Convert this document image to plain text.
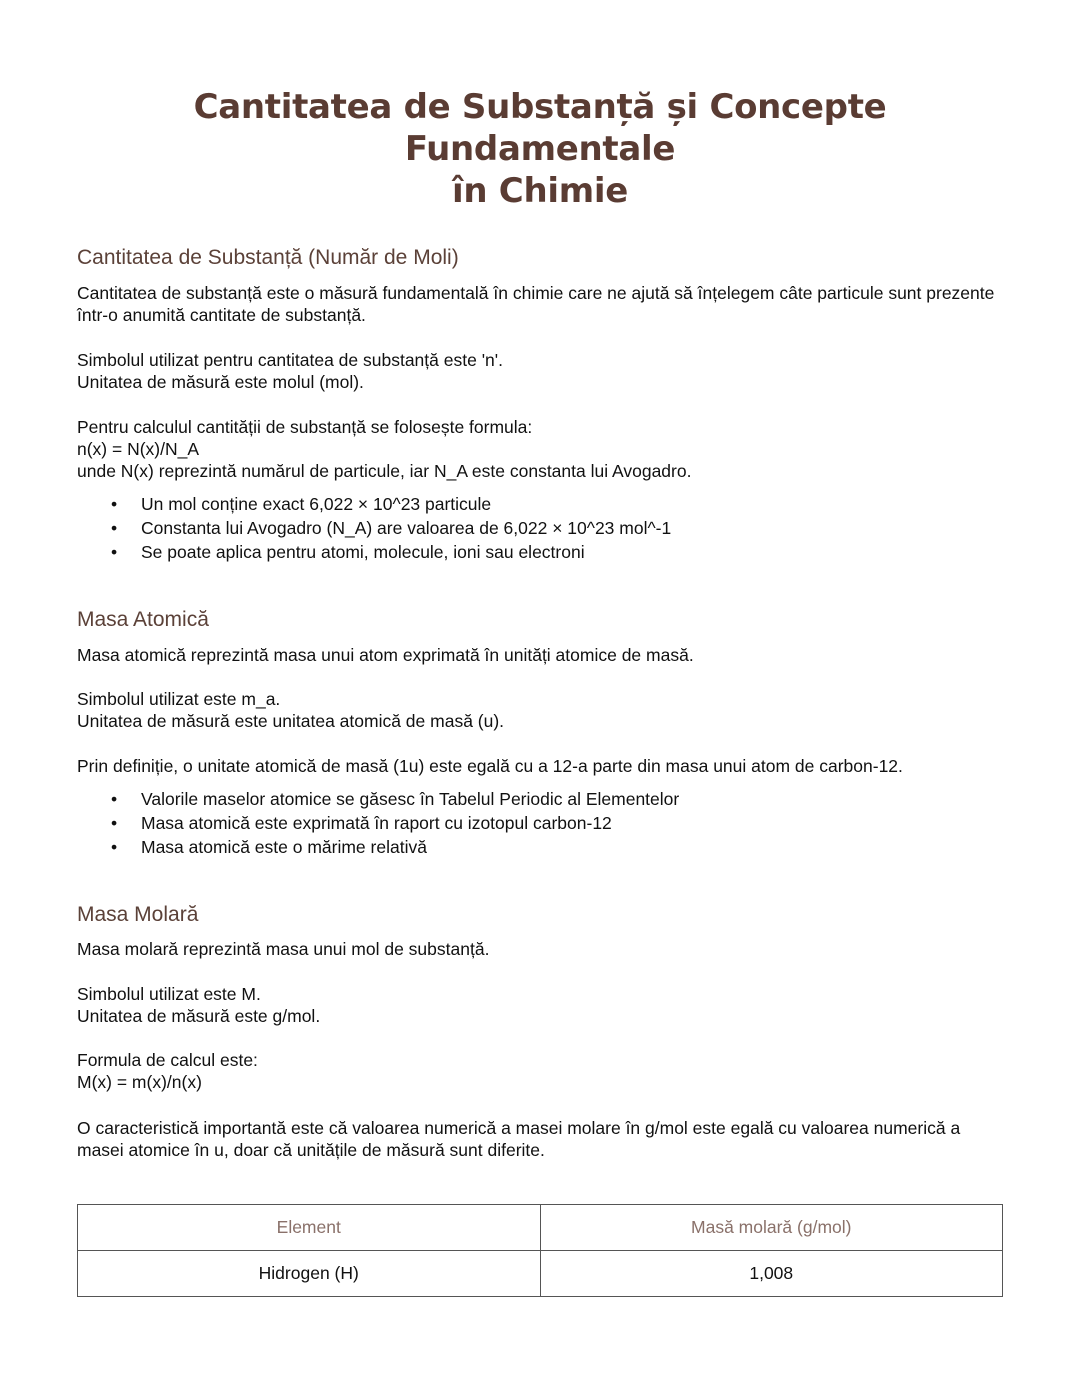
Cantitatea de Substanță și Concepte Fundamentale
în Chimie
Cantitatea de Substanță (Număr de Moli)
Cantitatea de substanță este o măsură fundamentală în chimie care ne ajută să înțelegem câte particule sunt prezente
într-o anumită cantitate de substanță.
Simbolul utilizat pentru cantitatea de substanță este 'n'.
Unitatea de măsură este molul (mol).
Pentru calculul cantității de substanță se folosește formula:
n(x) = N(x)/N_A
unde N(x) reprezintă numărul de particule, iar N_A este constanta lui Avogadro.
• Un mol conține exact 6,022 × 10^23 particule
• Constanta lui Avogadro (N_A) are valoarea de 6,022 × 10^23 mol^-1
• Se poate aplica pentru atomi, molecule, ioni sau electroni
Masa Atomică
Masa atomică reprezintă masa unui atom exprimată în unități atomice de masă.
Simbolul utilizat este m_a.
Unitatea de măsură este unitatea atomică de masă (u).
Prin definiție, o unitate atomică de masă (1u) este egală cu a 12-a parte din masa unui atom de carbon-12.
• Valorile maselor atomice se găsesc în Tabelul Periodic al Elementelor
• Masa atomică este exprimată în raport cu izotopul carbon-12
• Masa atomică este o mărime relativă
Masa Molară
Masa molară reprezintă masa unui mol de substanță.
Simbolul utilizat este M.
Unitatea de măsură este g/mol.
Formula de calcul este:
M(x) = m(x)/n(x)
O caracteristică importantă este că valoarea numerică a masei molare în g/mol este egală cu valoarea numerică a
masei atomice în u, doar că unitățile de măsură sunt diferite.
Element	Masă molară (g/mol)
Hidrogen (H)	1,008
